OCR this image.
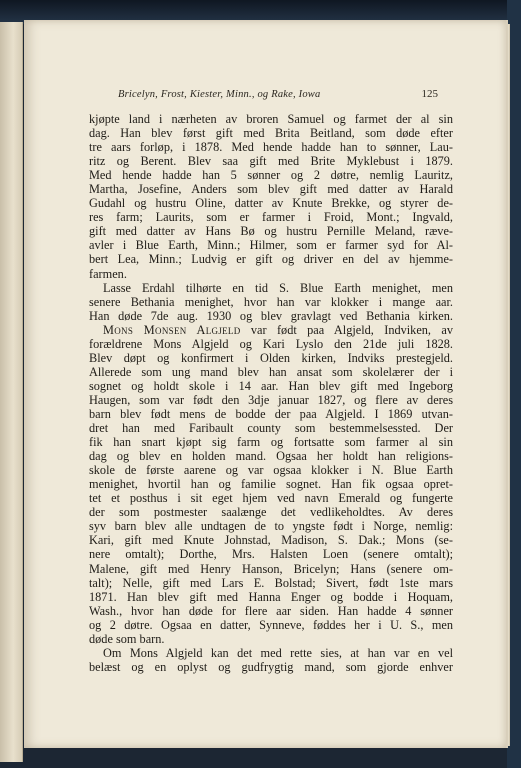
Bricelyn, Frost, Kiester, Minn., og Rake, Iowa	125
kjøpte land i nærheten av broren Samuel og farmet der al sin
dag. Han blev først gift med Brita Beitland, som døde efter
tre aars forløp, i 1878. Med hende hadde han to sønner, Lau-
ritz og Berent. Blev saa gift med Brite Myklebust i 1879.
Med hende hadde han 5 sønner og 2 døtre, nemlig Lauritz,
Martha, Josefine, Anders som blev gift med datter av Harald
Gudahl og hustru Oline, datter av Knute Brekke, og styrer de-
res farm; Laurits, som er farmer i Froid, Mont.; Ingvald,
gift med datter av Hans Bø og hustru Pernille Meland, ræve-
avler i Blue Earth, Minn.; Hilmer, som er farmer syd for Al-
bert Lea, Minn.; Ludvig er gift og driver en del av hjemme-
farmen.
Lasse Erdahl tilhørte en tid S. Blue Earth menighet, men
senere Bethania menighet, hvor han var klokker i mange aar.
Han døde 7de aug. 1930 og blev gravlagt ved Bethania kirken.
Mons Monsen Algjeld var født paa Algjeld, Indviken, av
forældrene Mons Algjeld og Kari Lyslo den 21de juli 1828.
Blev døpt og konfirmert i Olden kirken, Indviks prestegjeld.
Allerede som ung mand blev han ansat som skolelærer der i
sognet og holdt skole i 14 aar. Han blev gift med Ingeborg
Haugen, som var født den 3dje januar 1827, og flere av deres
barn blev født mens de bodde der paa Algjeld. I 1869 utvan-
dret han med Faribault county som bestemmelsessted. Der
fik han snart kjøpt sig farm og fortsatte som farmer al sin
dag og blev en holden mand. Ogsaa her holdt han religions-
skole de første aarene og var ogsaa klokker i N. Blue Earth
menighet, hvortil han og familie sognet. Han fik ogsaa opret-
tet et posthus i sit eget hjem ved navn Emerald og fungerte
der som postmester saalænge det vedlikeholdtes. Av deres
syv barn blev alle undtagen de to yngste født i Norge, nemlig:
Kari, gift med Knute Johnstad, Madison, S. Dak.; Mons (se-
nere omtalt); Dorthe, Mrs. Halsten Loen (senere omtalt);
Malene, gift med Henry Hanson, Bricelyn; Hans (senere om-
talt); Nelle, gift med Lars E. Bolstad; Sivert, født 1ste mars
1871. Han blev gift med Hanna Enger og bodde i Hoquam,
Wash., hvor han døde for flere aar siden. Han hadde 4 sønner
og 2 døtre. Ogsaa en datter, Synneve, føddes her i U. S., men
døde som barn.
Om Mons Algjeld kan det med rette sies, at han var en vel
belæst og en oplyst og gudfrygtig mand, som gjorde enhver
